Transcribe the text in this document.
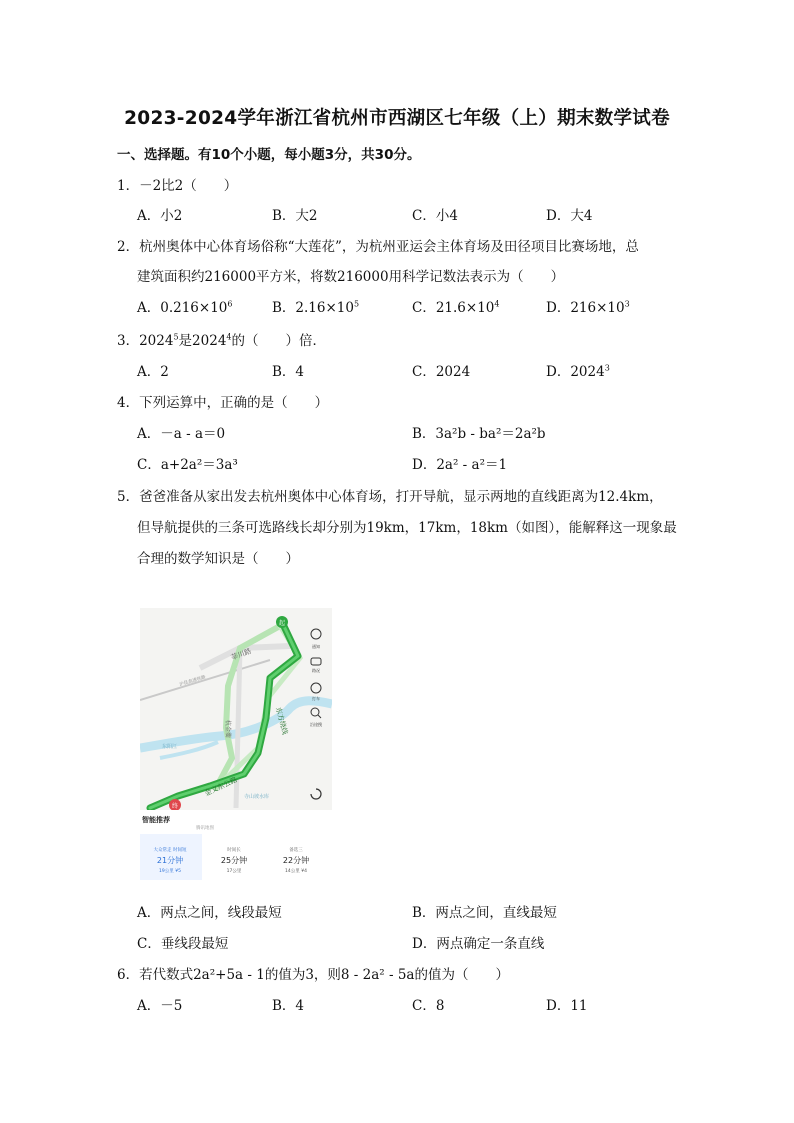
2023-2024学年浙江省杭州市西湖区七年级（上）期末数学试卷
一、选择题。有10个小题，每小题3分，共30分。
1．－2比2（　　）
A．小2	B．大2	C．小4	D．大4
2．杭州奥体中心体育场俗称“大莲花”，为杭州亚运会主体育场及田径项目比赛场地，总
建筑面积约216000平方米，将数216000用科学记数法表示为（　　）
A．$0.216\times 10^6$	B．$2.16\times 10^5$	C．$21.6\times 10^4$	D．$216\times 10^3$
3．2024$^5$是2024$^4$的（　　）倍．
A．2	B．4	C．2024	D．2024$^3$
4．下列运算中，正确的是（　　）
A．－a - a＝0	B．3a²b - ba²＝2a²b
C．a+2a²＝3a³	D．2a² - a²＝1
5．爸爸准备从家出发去杭州奥体中心体育场，打开导航，显示两地的直线距离为12.4km，
但导航提供的三条可选路线长却分别为19km，17km，18km（如图），能解释这一现象最
合理的数学知识是（　　）
起
终
莘川路
东方绕线
金义东公路
杭金衢
沪昆高速铁路
寺山坡水库
东阳江
通知
路况
打车
沿途搜
智能推荐
腾讯地图
大众常走 时间短
21分钟
19公里 ¥5
时间长
25分钟
17公里
备选三
22分钟
14公里 ¥4
A．两点之间，线段最短	B．两点之间，直线最短
C．垂线段最短	D．两点确定一条直线
6．若代数式2a²+5a - 1的值为3，则8 - 2a² - 5a的值为（　　）
A．－5	B．4	C．8	D．11
